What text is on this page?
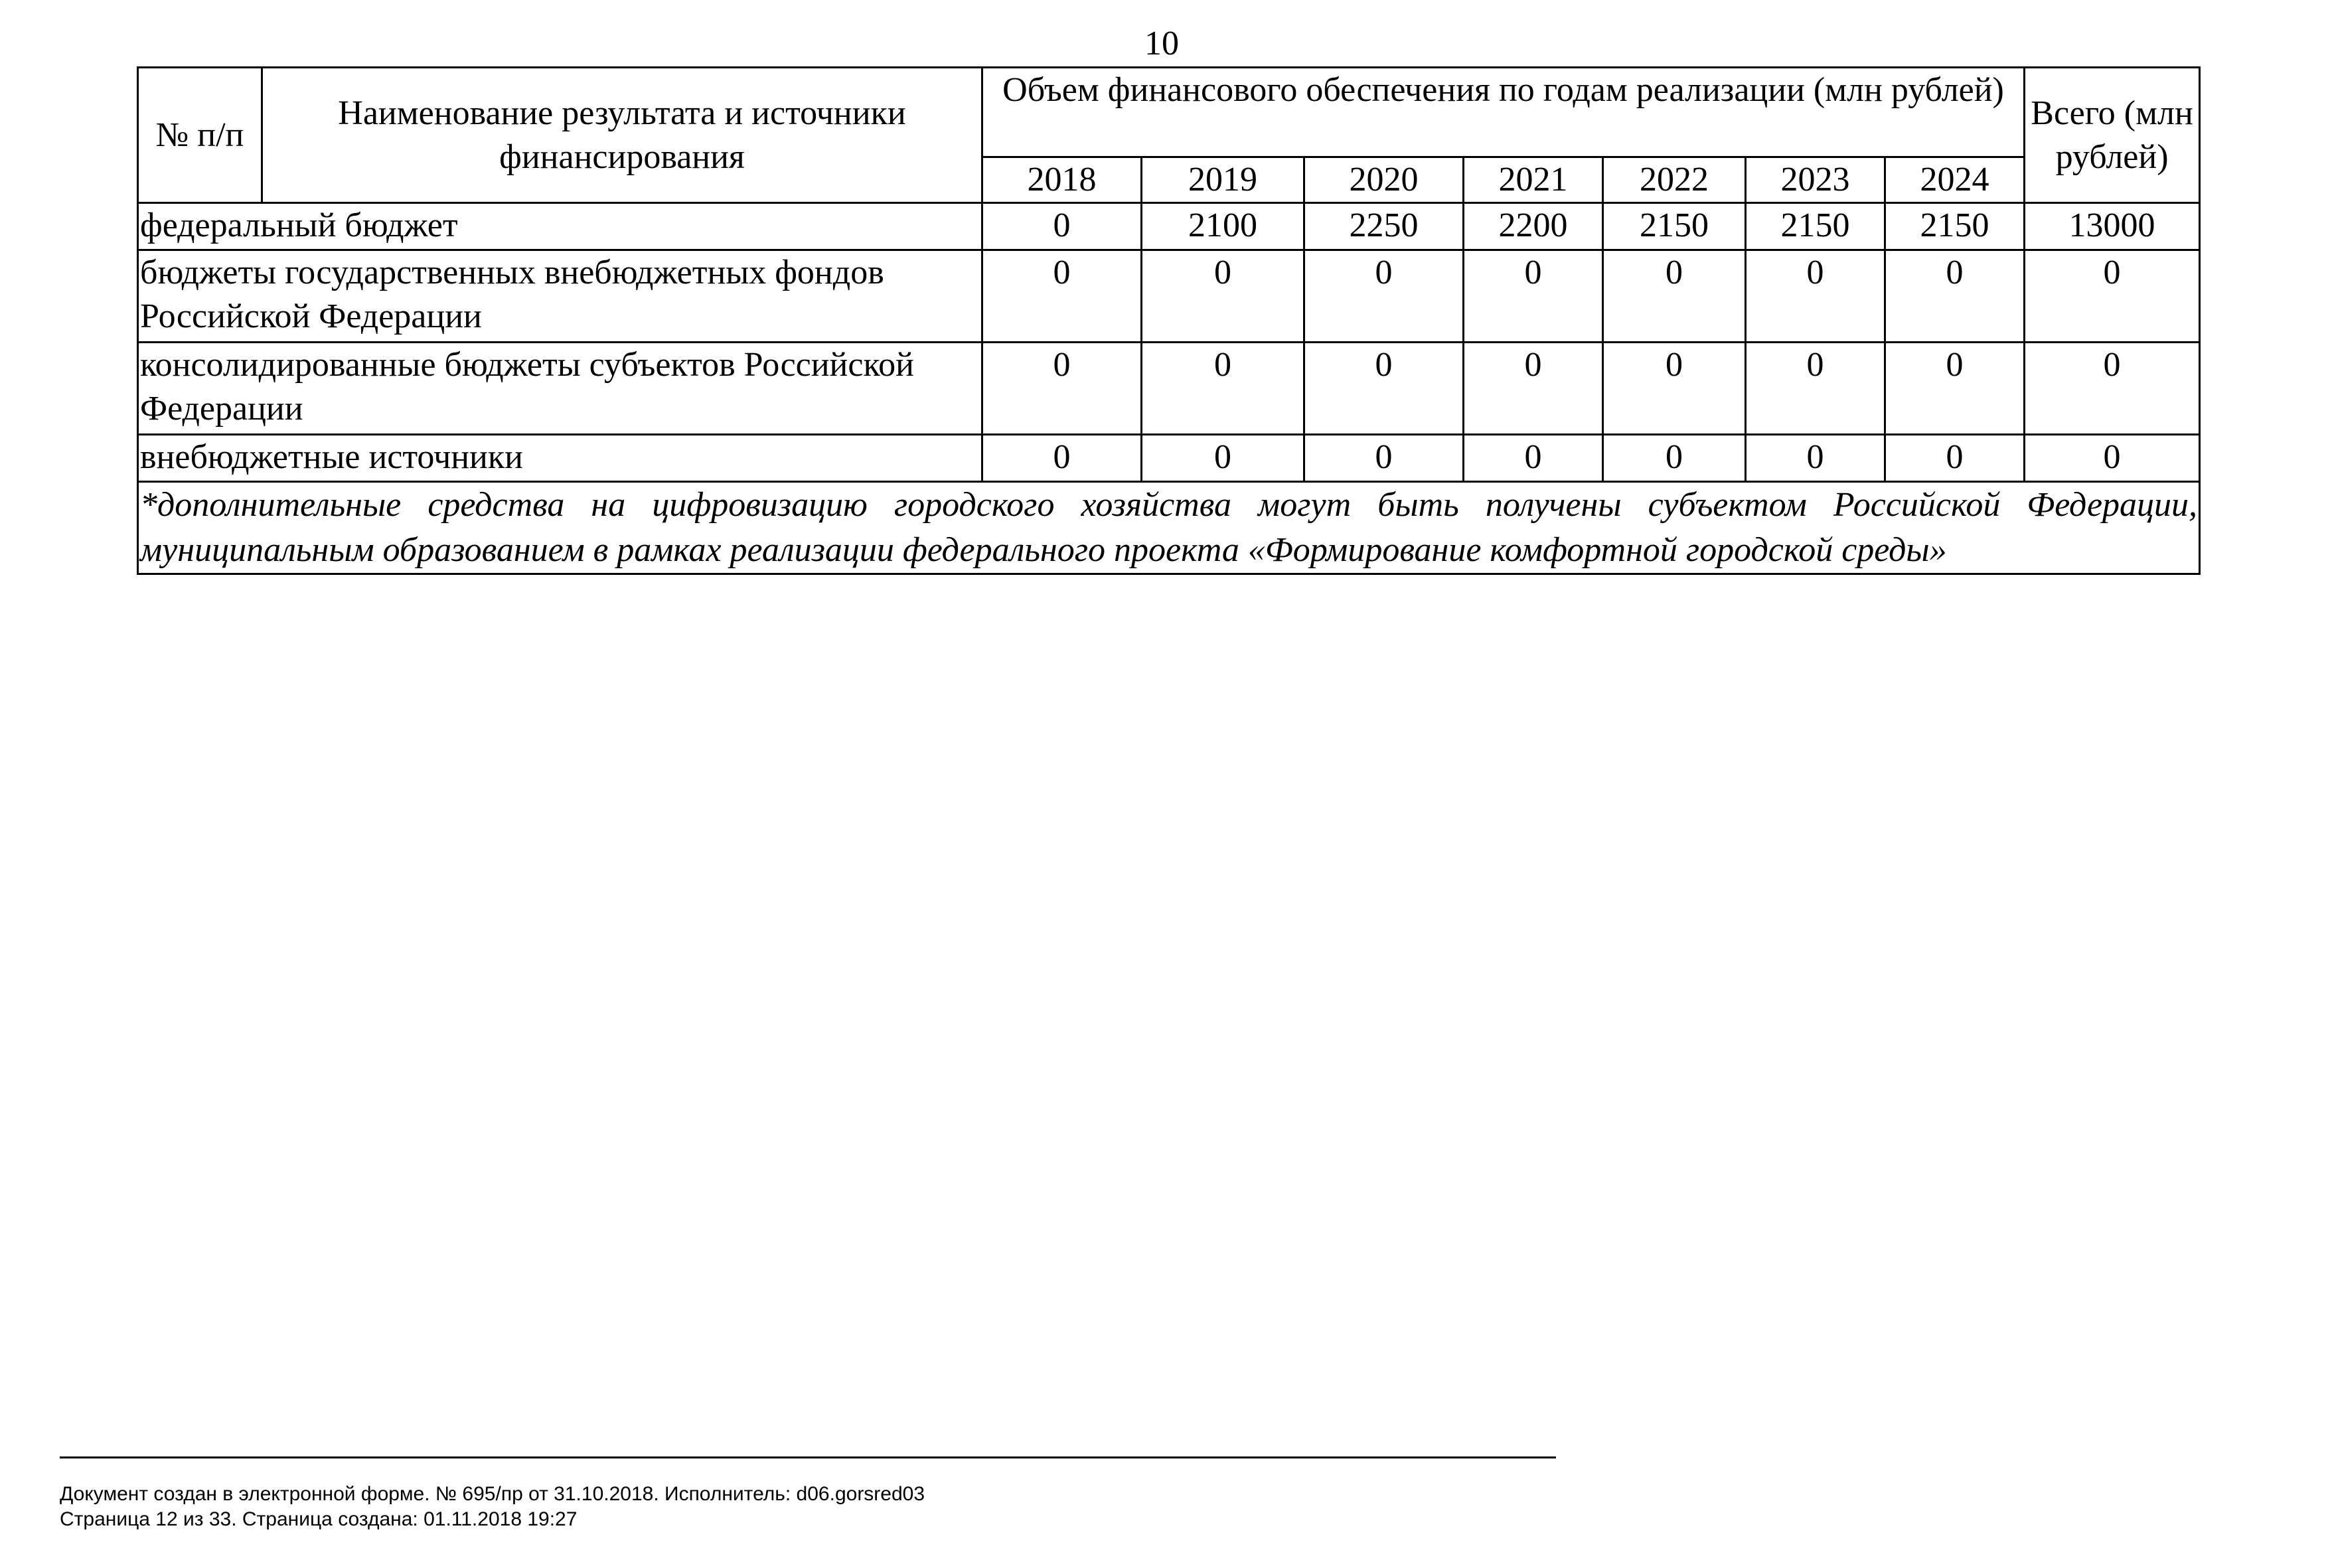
10
№ п/п	Наименование результата и источники финансирования	Объем финансового обеспечения по годам реализации (млн рублей)							Всего (млн рублей)
		2018	2019	2020	2021	2022	2023	2024	
федеральный бюджет		0	2100	2250	2200	2150	2150	2150	13000
бюджеты государственных внебюджетных фондов Российской Федерации		0	0	0	0	0	0	0	0
консолидированные бюджеты субъектов Российской Федерации		0	0	0	0	0	0	0	0
внебюджетные источники		0	0	0	0	0	0	0	0
*дополнительные средства на цифровизацию городского хозяйства могут быть получены субъектом Российской Федерации, муниципальным образованием в рамках реализации федерального проекта «Формирование комфортной городской среды»									
Документ создан в электронной форме. № 695/пр от 31.10.2018. Исполнитель: d06.gorsred03
Страница 12 из 33. Страница создана: 01.11.2018 19:27
